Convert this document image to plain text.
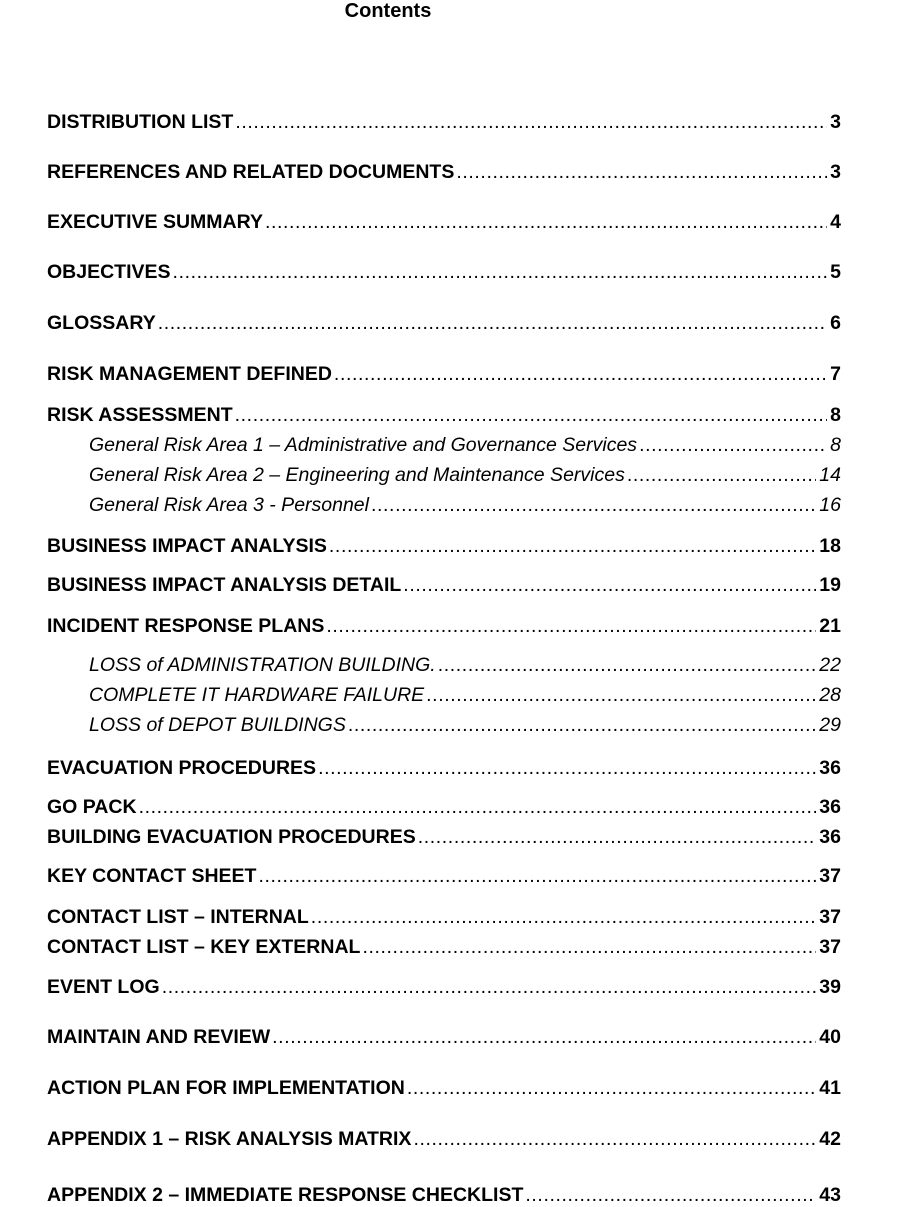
Contents
DISTRIBUTION LIST .....	3
REFERENCES AND RELATED DOCUMENTS .....	3
EXECUTIVE SUMMARY .....	4
OBJECTIVES .....	5
GLOSSARY .....	6
RISK MANAGEMENT DEFINED .....	7
RISK ASSESSMENT .....	8
General Risk Area 1 – Administrative and Governance Services .....	8
General Risk Area 2 – Engineering and Maintenance Services .....	14
General Risk Area 3 - Personnel .....	16
BUSINESS IMPACT ANALYSIS .....	18
BUSINESS IMPACT ANALYSIS DETAIL .....	19
INCIDENT RESPONSE PLANS .....	21
LOSS of ADMINISTRATION BUILDING. .....	22
COMPLETE IT HARDWARE FAILURE .....	28
LOSS of DEPOT BUILDINGS .....	29
EVACUATION PROCEDURES .....	36
GO PACK .....	36
BUILDING EVACUATION PROCEDURES .....	36
KEY CONTACT SHEET .....	37
CONTACT LIST – INTERNAL .....	37
CONTACT LIST – KEY EXTERNAL .....	37
EVENT LOG .....	39
MAINTAIN AND REVIEW .....	40
ACTION PLAN FOR IMPLEMENTATION .....	41
APPENDIX 1 – RISK ANALYSIS MATRIX .....	42
APPENDIX 2 – IMMEDIATE RESPONSE CHECKLIST .....	43
